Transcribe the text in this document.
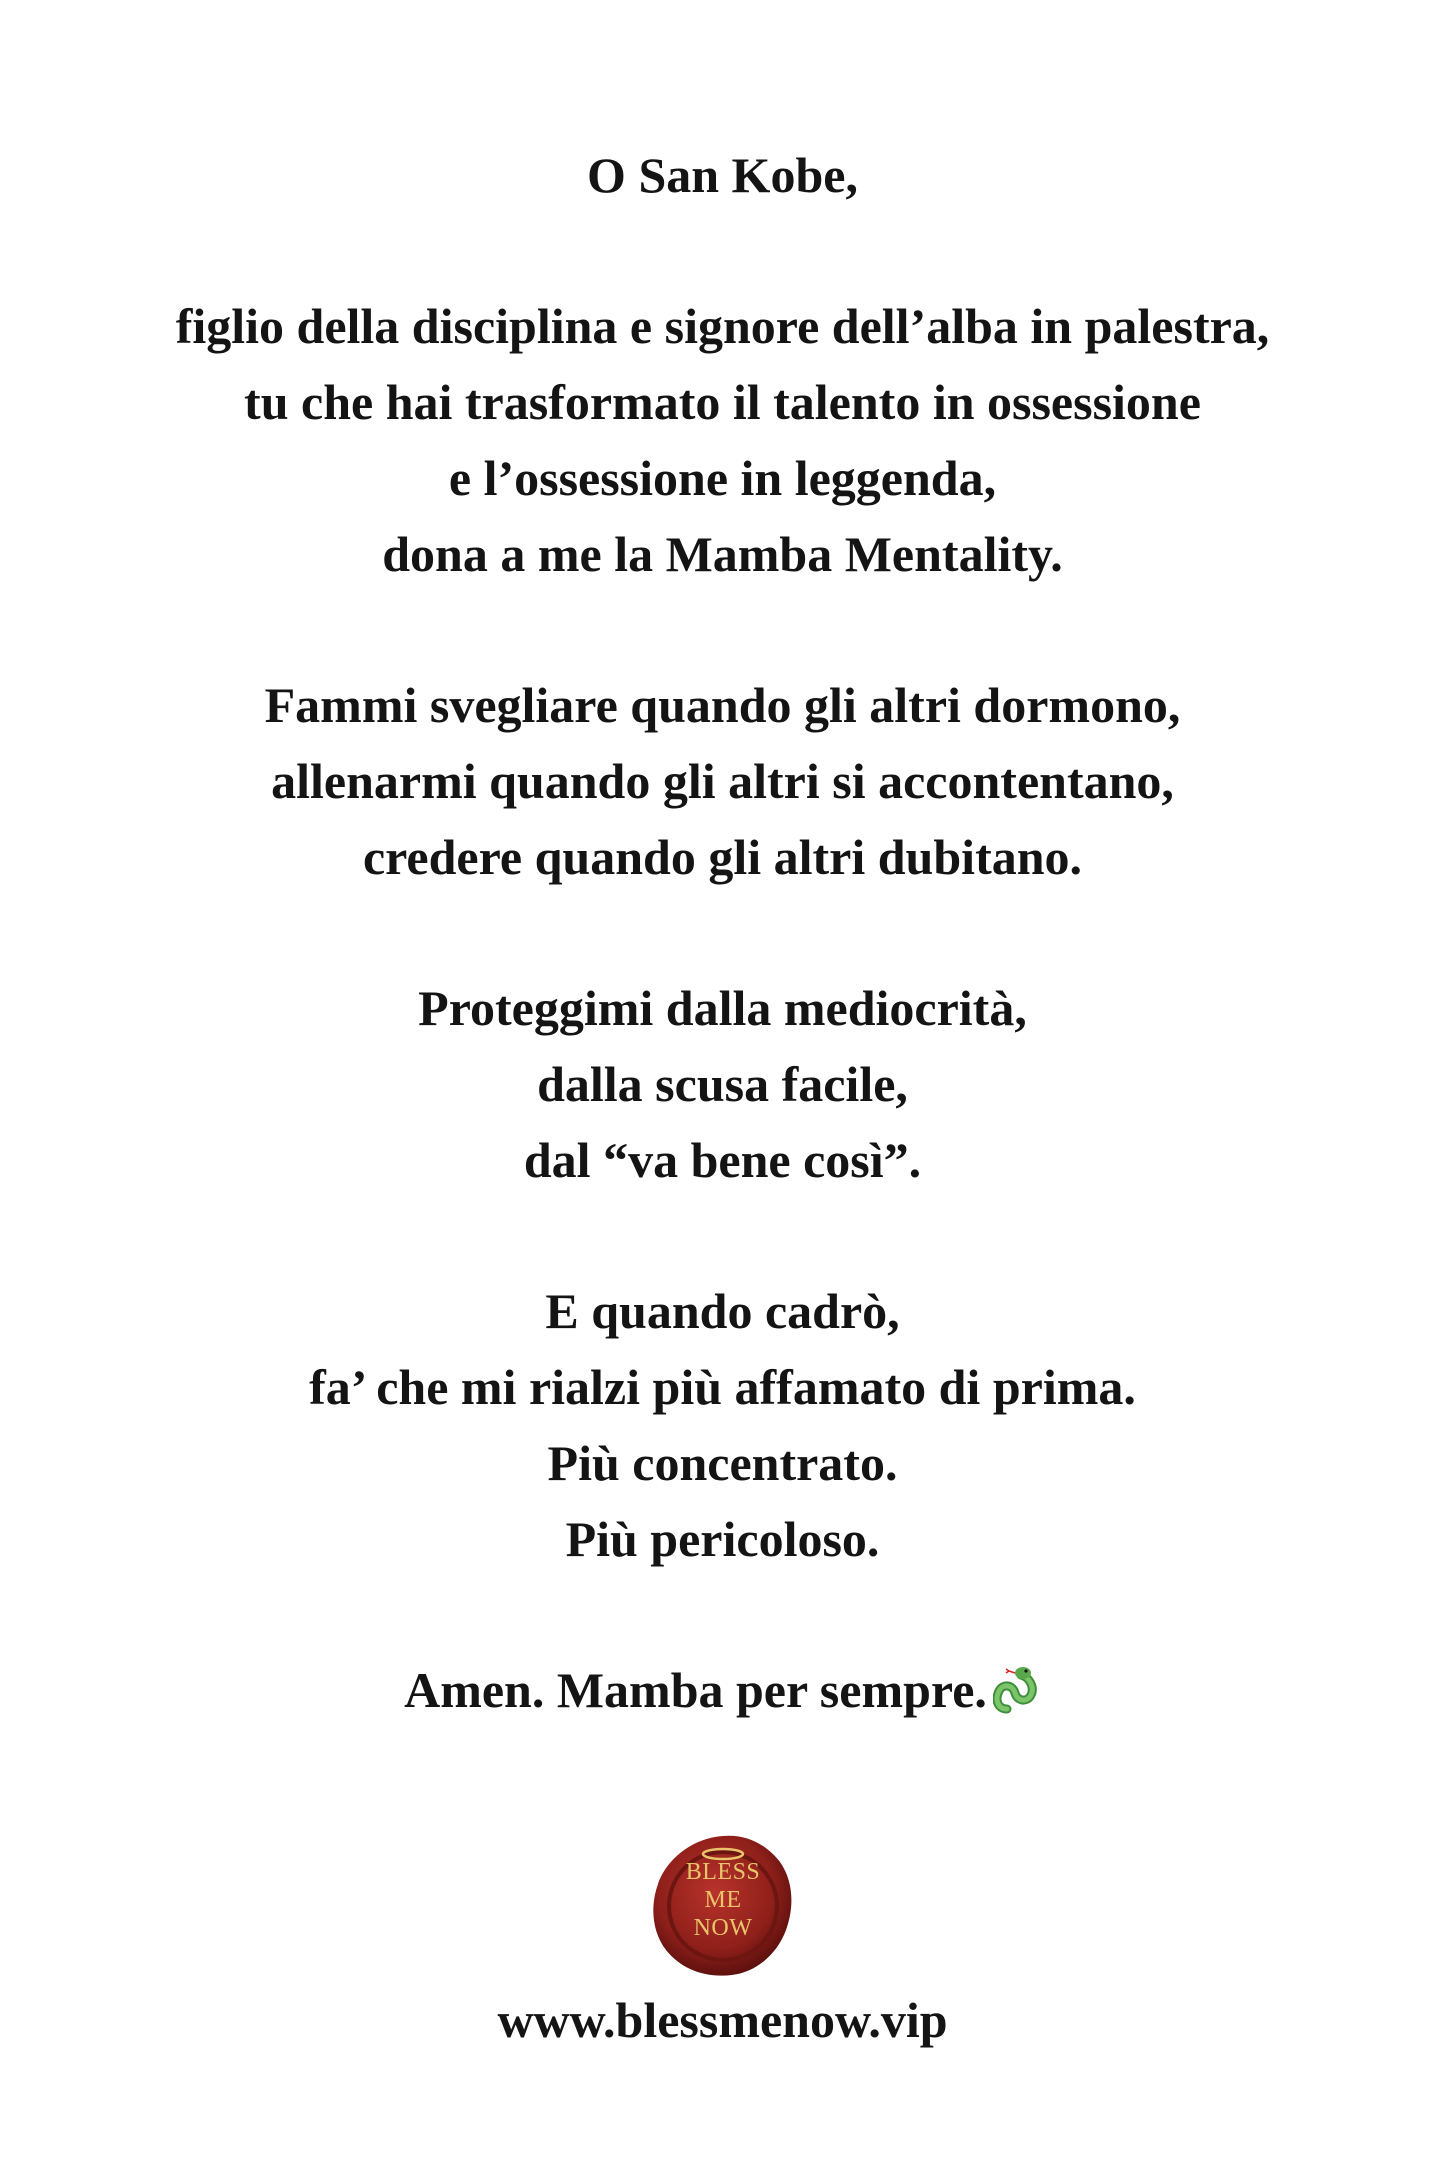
O San Kobe,
figlio della disciplina e signore dell’alba in palestra,
tu che hai trasformato il talento in ossessione
e l’ossessione in leggenda,
dona a me la Mamba Mentality.
Fammi svegliare quando gli altri dormono,
allenarmi quando gli altri si accontentano,
credere quando gli altri dubitano.
Proteggimi dalla mediocrità,
dalla scusa facile,
dal “va bene così”.
E quando cadrò,
fa’ che mi rialzi più affamato di prima.
Più concentrato.
Più pericoloso.
Amen. Mamba per sempre.
BLESS
ME
NOW
www.blessmenow.vip
